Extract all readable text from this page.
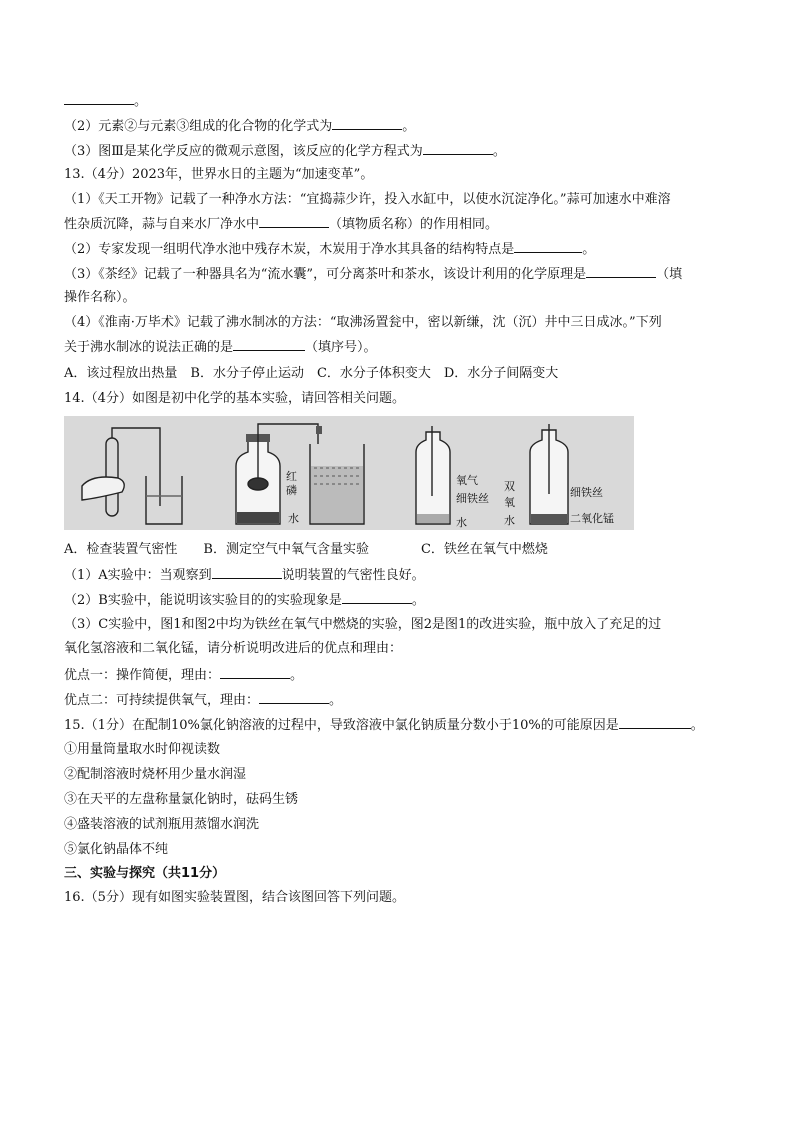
。
（2）元素②与元素③组成的化合物的化学式为	。
（3）图Ⅲ是某化学反应的微观示意图，该反应的化学方程式为	。
13.（4分）2023年，世界水日的主题为“加速变革”。
（1）《天工开物》记载了一种净水方法：“宜捣蒜少许，投入水缸中，以使水沉淀净化。”蒜可加速水中难溶
性杂质沉降，蒜与自来水厂净水中	（填物质名称）的作用相同。
（2）专家发现一组明代净水池中残存木炭，木炭用于净水其具备的结构特点是	。
（3）《茶经》记载了一种器具名为“流水囊”，可分离茶叶和茶水，该设计利用的化学原理是	（填
操作名称）。
（4）《淮南·万毕术》记载了沸水制冰的方法：“取沸汤置瓮中，密以新缣，沈（沉）井中三日成冰。”下列
关于沸水制冰的说法正确的是	（填序号）。
A．该过程放出热量　B．水分子停止运动　C．水分子体积变大　D．水分子间隔变大
14.（4分）如图是初中化学的基本实验，请回答相关问题。
红
磷
水
氧气
细铁丝
水
双
氧
水
细铁丝
二氧化锰
A．检查装置气密性　　B．测定空气中氧气含量实验　　　　C．铁丝在氧气中燃烧
（1）A实验中：当观察到	说明装置的气密性良好。
（2）B实验中，能说明该实验目的的实验现象是	。
（3）C实验中，图1和图2中均为铁丝在氧气中燃烧的实验，图2是图1的改进实验，瓶中放入了充足的过
氧化氢溶液和二氧化锰，请分析说明改进后的优点和理由：
优点一：操作简便，理由：	。
优点二：可持续提供氧气，理由：	。
15.（1分）在配制10%氯化钠溶液的过程中，导致溶液中氯化钠质量分数小于10%的可能原因是	。
①用量筒量取水时仰视读数
②配制溶液时烧杯用少量水润湿
③在天平的左盘称量氯化钠时，砝码生锈
④盛装溶液的试剂瓶用蒸馏水润洗
⑤氯化钠晶体不纯
三、实验与探究（共11分）
16.（5分）现有如图实验装置图，结合该图回答下列问题。
